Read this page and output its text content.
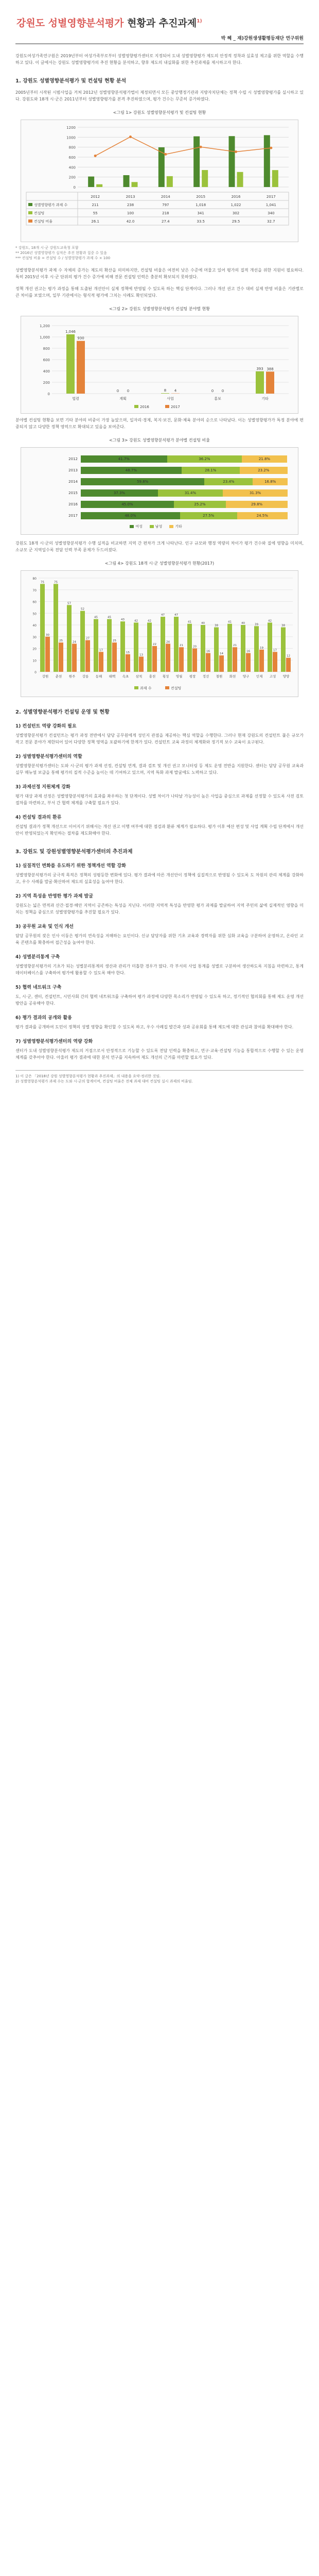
강원도 성별영향분석평가 현황과 추진과제$^{1)}$
박 혜 _ 재)강원생생활평등재단 연구위원

강원도여성가족연구원은 2019년부터 여성가족부로부터 성별영향평가센터로 지정되어 도내 성별영향평가 제도의 안정적 정착과 실효성 제고를 위한 역할을 수행하고 있다. 이 글에서는 강원도 성별영향평가의 추진 현황을 분석하고, 향후 제도의 내실화를 위한 추진과제를 제시하고자 한다.

1. 강원도 성별영향분석평가 및 컨설팅 현황 분석

2005년부터 시작된 시범사업을 거쳐 2012년 성별영향분석평가법이 제정되면서 모든 중앙행정기관과 지방자치단체는 정책 수립 시 성별영향평가를 실시하고 있다. 강원도와 18개 시·군은 2011년부터 성별영향평가를 본격 추진하였으며, 평가 건수는 꾸준히 증가하였다.

<그림 1> 강원도 성별영향분석평가 및 컨설팅 현황
0
200
400
600
800
1000
1200
2012	2013	2014	2015	2016	2017
성별영향평가 과제 수	211	238	797	1,018	1,022	1,041
컨설팅	55	100	218	341	302	340
컨설팅 비율	26.1	42.0	27.4	33.5	29.5	32.7
* 강원도, 18개 시·군 강원도교육청 포함
** 2016년 성별영향평가 실적은 추진 현황과 집중 수 있음
*** 컨설팅 비율 = 컨설팅 수 / 성별영향평가 과제 수 × 100

성별영향분석평가 과제 수 자체의 증가는 제도의 확산을 의미하지만, 컨설팅 비율은 여전히 낮은 수준에 머물고 있어 평가의 질적 개선을 위한 지원이 필요하다. 특히 2015년 이후 시·군 단위의 평가 건수 증가에 비해 전문 컨설팅 인력은 충분히 확보되지 못하였다.

정책 개선 권고는 평가 과정을 통해 도출된 개선안이 실제 정책에 반영될 수 있도록 하는 핵심 단계이다. 그러나 개선 권고 건수 대비 실제 반영 비율은 기관별로 큰 차이를 보였으며, 일부 기관에서는 형식적 평가에 그치는 사례도 확인되었다.

<그림 2> 강원도 성별영향분석평가 컨설팅 분야별 현황
0
200
400
600
800
1,000
1,200
1,046
930
법령
0 0
계획
8 4
사업
0 0
홍보
393 388
기타
2016	2017

분야별 컨설팅 현황을 보면 기타 분야의 비중이 가장 높았으며, 일자리·경제, 복지·보건, 문화·체육 분야의 순으로 나타났다. 이는 성별영향평가가 특정 분야에 편중되지 않고 다양한 정책 영역으로 확대되고 있음을 보여준다.

<그림 3> 강원도 성별영향분석평가 분야별 컨설팅 비율
2012	41.7%	36.2%	21.8%
2013	48.7%	28.1%	23.2%
2014	59.8%	23.4%	16.8%
2015	37.3%	31.4%	31.3%
2016	45.0%	25.2%	29.8%
2017	48.0%	27.5%	24.5%
여성	남성	기타

강원도 18개 시·군의 성별영향분석평가 수행 실적을 비교하면 지역 간 편차가 크게 나타난다. 인구 규모와 행정 역량의 차이가 평가 건수와 질에 영향을 미치며, 소규모 군 지역일수록 전담 인력 부족 문제가 두드러졌다.

<그림 4> 강원도 18개 시·군 성별영향분석평가 현황(2017)
0
10
20
30
40
50
60
70
80
75
30
강원
75
25
춘천
57
24
원주
52
27
강릉
45
17
동해
45
25
태백
43
15
속초
42
13
삼척
42
22
홍천
47
24
횡성
47
21
영월
41
20
평창
40
16
정선
38
14
철원
41
21
화천
40
16
양구
39
19
인제
42
17
고성
38
12
양양
과제 수	컨설팅
2. 성별영향분석평가 컨설팅 운영 및 현황
1) 컨설턴트 역량 강화의 필요

성별영향분석평가 컨설턴트는 평가 과정 전반에서 담당 공무원에게 성인지 관점을 제공하는 핵심 역할을 수행한다. 그러나 현재 강원도의 컨설턴트 풀은 규모가 작고 전문 분야가 제한되어 있어 다양한 정책 영역을 포괄하기에 한계가 있다. 컨설턴트 교육 과정의 체계화와 정기적 보수 교육이 요구된다.

2) 성별영향분석평가센터의 역할

성별영향분석평가센터는 도와 시·군의 평가 과제 선정, 컨설팅 연계, 결과 검토 및 개선 권고 모니터링 등 제도 운영 전반을 지원한다. 센터는 담당 공무원 교육과 실무 매뉴얼 보급을 통해 평가의 질적 수준을 높이는 데 기여하고 있으며, 지역 특화 과제 발굴에도 노력하고 있다.

3) 과제선정 지원체계 강화

평가 대상 과제 선정은 성별영향분석평가의 효과를 좌우하는 첫 단계이다. 성별 차이가 나타날 가능성이 높은 사업을 중심으로 과제를 선정할 수 있도록 사전 검토 절차를 마련하고, 부서 간 협력 체계를 구축할 필요가 있다.

4) 컨설팅 결과의 환류

컨설팅 결과가 정책 개선으로 이어지기 위해서는 개선 권고 이행 여부에 대한 점검과 환류 체계가 필요하다. 평가 이후 예산 편성 및 사업 계획 수립 단계에서 개선안이 반영되었는지 확인하는 절차를 제도화해야 한다.

3. 강원도 및 강원성별영향분석평가센터의 추진과제
1) 실질적인 변화를 유도하기 위한 정책개선 역할 강화

성별영향분석평가의 궁극적 목적은 정책의 성평등한 변화에 있다. 평가 결과에 따른 개선안이 정책에 실질적으로 반영될 수 있도록 도 차원의 관리 체계를 강화하고, 우수 사례를 발굴·확산하여 제도의 실효성을 높여야 한다.

2) 지역 특성을 반영한 평가 과제 발굴

강원도는 넓은 면적과 산간·접경·해안 지역이 공존하는 특성을 지닌다. 이러한 지역적 특성을 반영한 평가 과제를 발굴하여 지역 주민의 삶에 실제적인 영향을 미치는 정책을 중심으로 성별영향평가를 추진할 필요가 있다.

3) 공무원 교육 및 인식 개선

담당 공무원의 잦은 인사 이동은 평가의 연속성을 저해하는 요인이다. 신규 담당자를 위한 기초 교육과 경력자를 위한 심화 교육을 구분하여 운영하고, 온라인 교육 콘텐츠를 확충하여 접근성을 높여야 한다.

4) 성별분리통계 구축

성별영향분석평가의 기초가 되는 성별분리통계의 생산과 관리가 미흡한 경우가 많다. 각 부서의 사업 통계를 성별로 구분하여 생산하도록 지침을 마련하고, 통계 데이터베이스를 구축하여 평가에 활용할 수 있도록 해야 한다.

5) 협력 네트워크 구축

도, 시·군, 센터, 컨설턴트, 시민사회 간의 협력 네트워크를 구축하여 평가 과정에 다양한 목소리가 반영될 수 있도록 하고, 정기적인 협의회를 통해 제도 운영 개선 방안을 공유해야 한다.

6) 평가 결과의 공개와 활용

평가 결과를 공개하여 도민이 정책의 성별 영향을 확인할 수 있도록 하고, 우수 사례집 발간과 성과 공유회를 통해 제도에 대한 관심과 참여를 확대해야 한다.

7) 성별영향분석평가센터의 역량 강화

센터가 도내 성별영향분석평가 제도의 거점으로서 안정적으로 기능할 수 있도록 전담 인력을 확충하고, 연구·교육·컨설팅 기능을 통합적으로 수행할 수 있는 운영 체계를 갖추어야 한다. 아울러 평가 결과에 대한 분석 연구를 지속하여 제도 개선의 근거를 마련할 필요가 있다.

1) 이 글은 「2018년 강원 성별영향분석평가 현황과 추진과제」의 내용을 요약·정리한 것임.
2) 성별영향분석평가 과제 수는 도와 시·군의 합계이며, 컨설팅 비율은 전체 과제 대비 컨설팅 실시 과제의 비율임.
